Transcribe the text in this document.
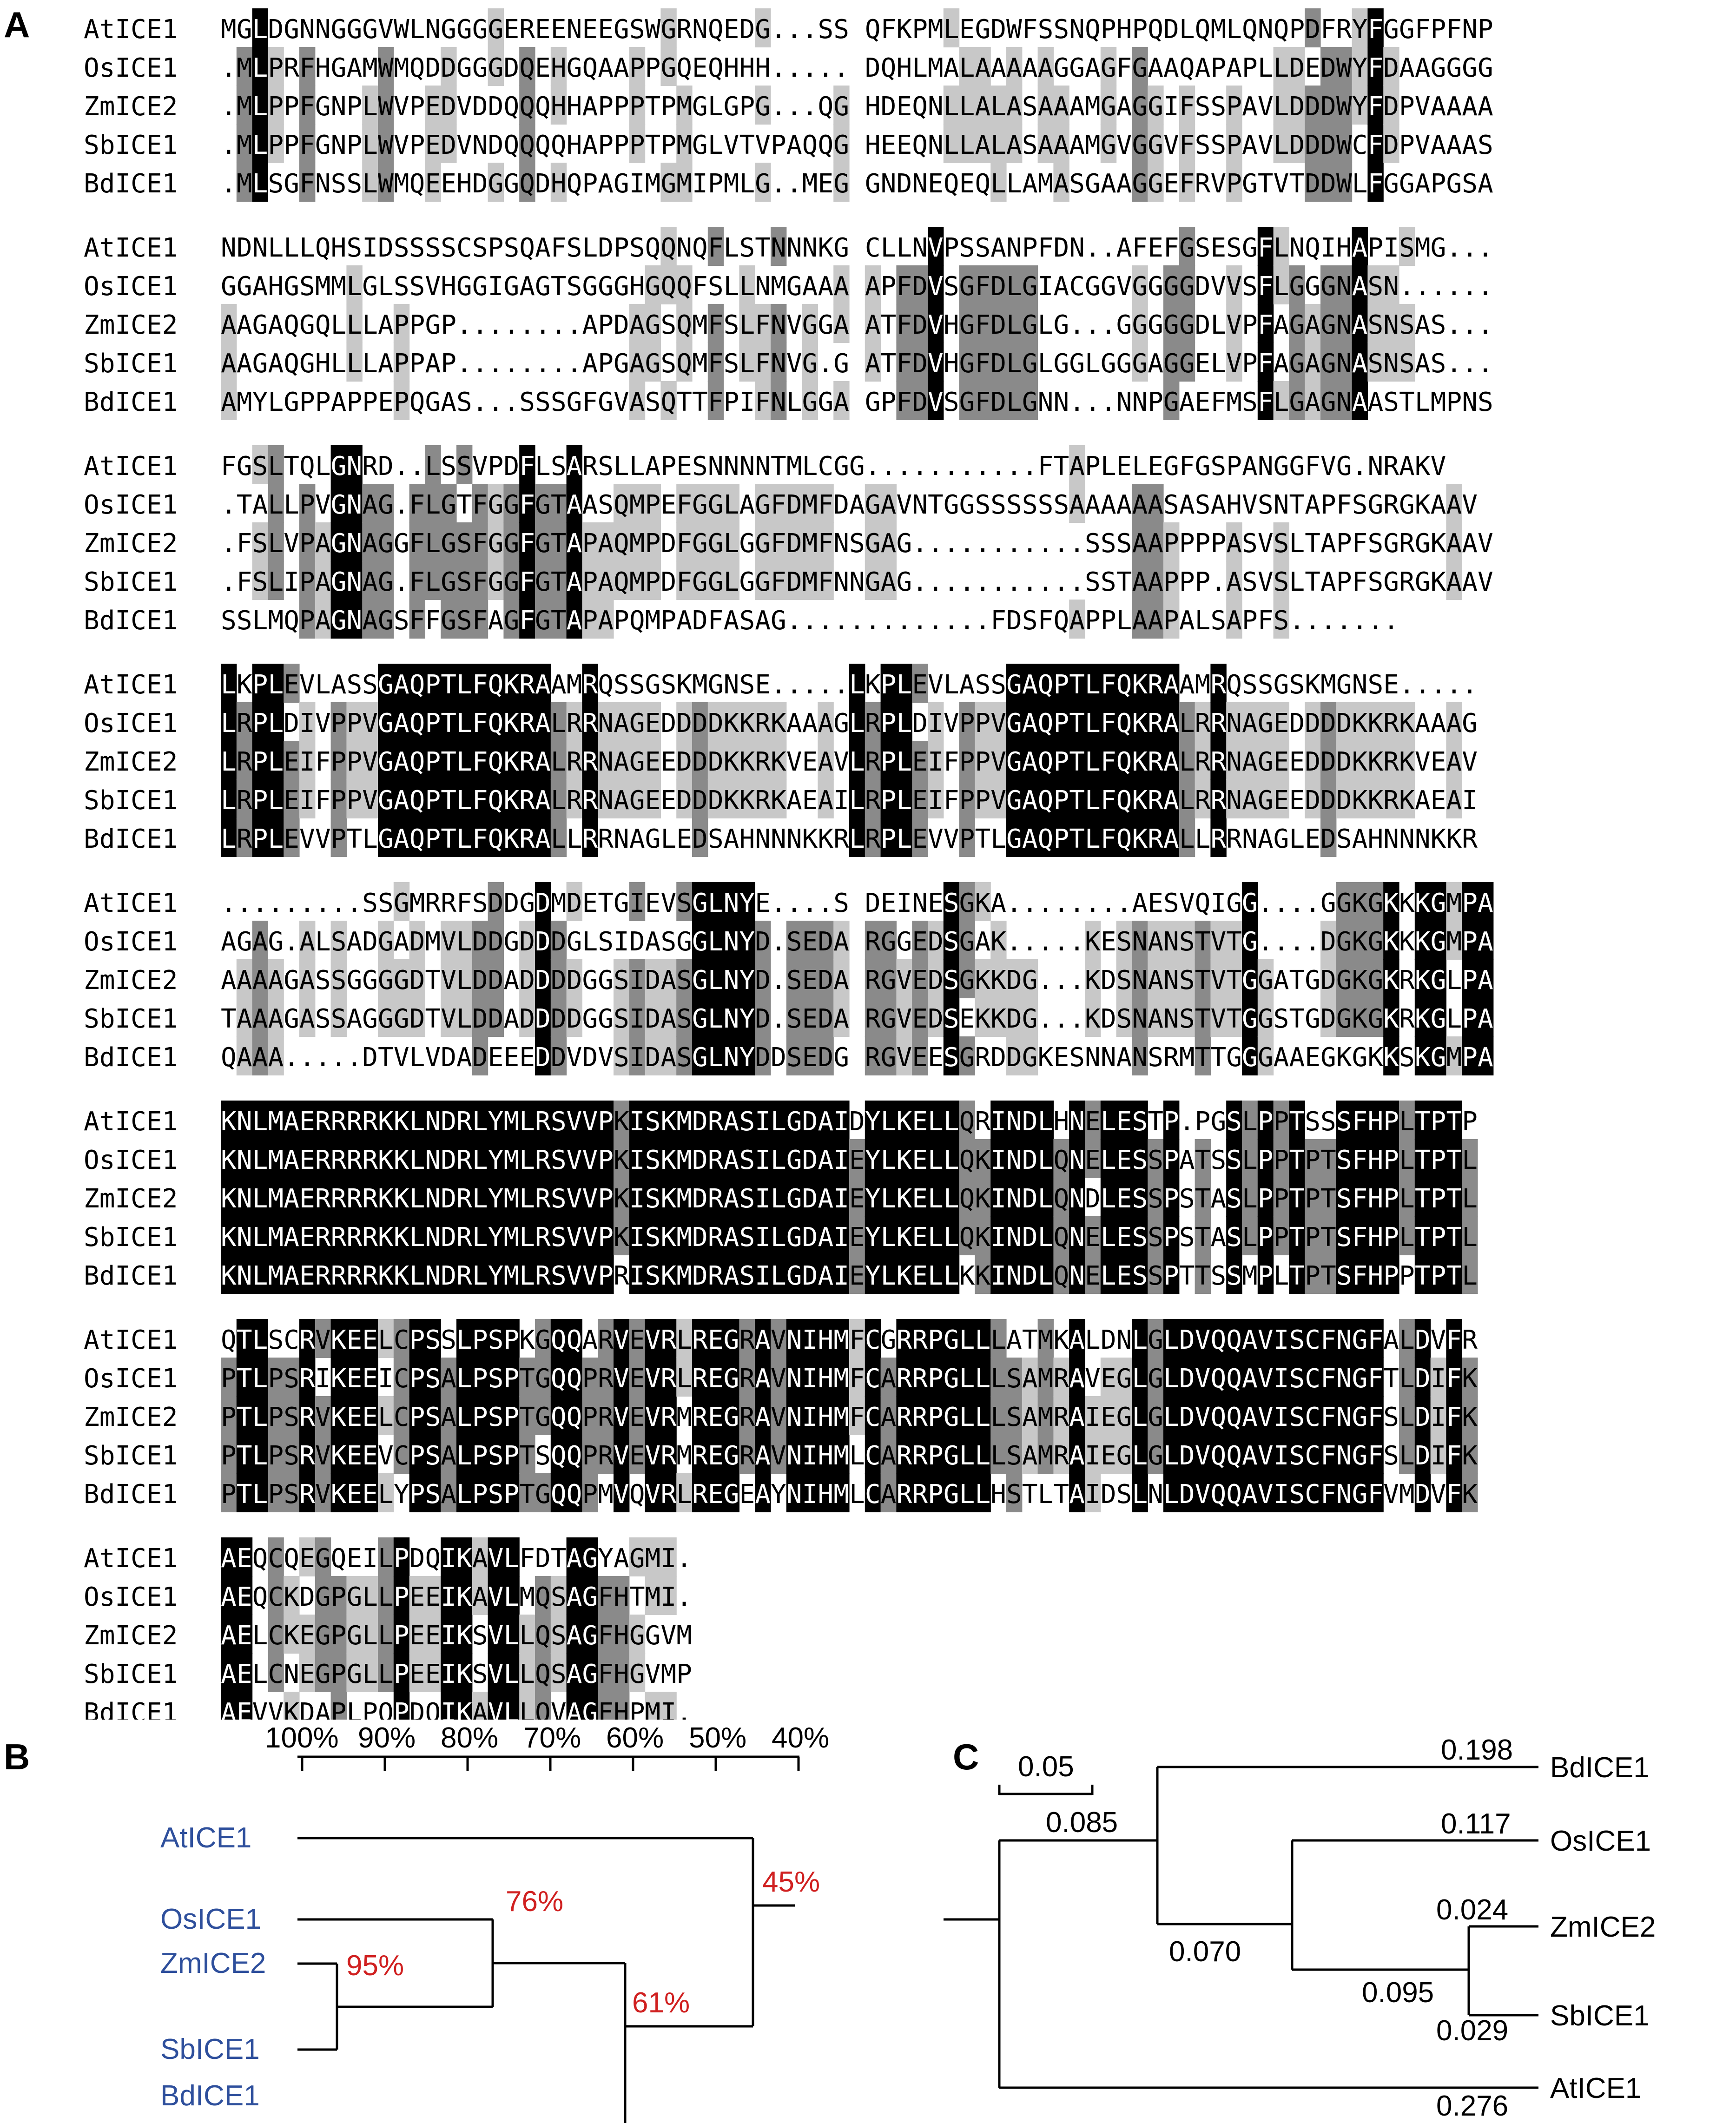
A	M
.
.
.
.
G
M
M
M
M
L
L
L
L
L
D
P
P
P
S
G
R
P
P
G
N
F
F
F
F
N
H
G
G
N
G
G
N
N
S
G
A
P
P
S
G
M
L
L
L
V
W
W
W
W
W
M
V
V
M
L
Q
P
P
Q
N
D
E
E
E
G
D
D
D
E
G
G
V
V
H
G
G
D
N
D
G
G
D
D
G
E
D
Q
Q
G
R
Q
Q
Q
Q
E
E
Q
Q
D
E
H
H
Q
H
N
G
H
H
Q
E
Q
A
A
P
E
A
P
P
A
G
A
P
P
G
S
P
P
P
I
W
P
T
T
M
G
G
P
P
G
R
Q
M
M
M
N
E
G
G
I
Q
Q
L
L
P
E
H
G
V
M
D
H
P
T
L
G
H
G
V
G
P
.
.
.
.
A
.
.
.
.
Q
M
.
.
.
S
Q
Q
E
.
S
G
G
G
.
Q
D
H
H
G
F
Q
D
E
N
K
H
E
E
D
P
L
Q
Q
N
M
M
N
N
E
L
A
L
L
Q
E
L
L
L
E
G
A
A
A
Q
D
A
L
L
L
W
A
A
A
L
F
A
S
S
A
S
A
A
A
M
S
G
A
A
A
N
G
A
A
S
Q
A
M
M
G
P
G
G
G
A
H
F
A
V
A
P
G
G
G
G
Q
A
G
G
G
D
A
I
V
E
L
Q
F
F
F
Q
A
S
S
R
M
P
S
S
V
L
A
P
P
P
Q
P
A
A
G
N
L
V
V
T
Q
L
L
L
V
P
D
D
D
T
D
E
D
D
D
F
D
D
D
D
R
W
W
W
W
Y
Y
Y
C
L
F
F
F
F
F
G
D
D
D
G
G
A
P
P
G
F
A
V
V
A
P
G
A
A
P
F
G
A
A
G
N
G
A
A
S
P
G
A
S
A
AtICE1
OsICE1
ZmICE2
SbICE1
BdICE1
N
G
A
A
A
D
G
A
A
M
N
A
G
G
Y
L
H
A
A
L
L
G
Q
Q
G
L
S
G
G
P
Q
M
Q
H
P
H
M
L
L
A
S
L
L
L
P
I
G
L
L
P
D
L
A
A
E
S
S
P
P
P
S
S
P
P
Q
S
V
G
A
G
S
H
P
P
A
C
G
S
.
.
S
G
.
.
.
P
I
.
.
.
S
G
.
.
.
Q
A
S
.
.
A
G
S
.
.
F
T
S
.
.
S
S
G
.
.
L
G
A
A
F
D
G
P
P
G
P
G
D
G
V
S
H
A
A
A
Q
G
G
G
S
Q
Q
S
S
Q
N
Q
Q
Q
T
Q
F
M
M
T
F
S
F
F
F
L
L
S
S
P
S
L
L
L
I
T
N
F
F
F
N
M
N
N
N
N
G
V
V
L
N
A
G
G
G
K
A
G
G
.
G
A
A
G
A
C
A
A
A
G
L
P
T
T
P
L
F
F
F
F
N
D
D
D
D
V
V
V
V
V
P
S
H
H
S
S
G
G
G
G
S
F
F
F
F
A
D
D
D
D
N
L
L
L
L
P
G
G
G
G
F
I
L
L
N
D
A
G
G
N
N
C
G
.
.
G
L
.
.
.
G
G
.
.
.
A
V
G
G
N
F
G
G
G
N
E
G
G
A
P
F
G
G
G
G
G
G
G
G
A
S
D
D
E
E
E
V
L
L
F
S
V
V
V
M
G
S
P
P
S
F
F
F
F
F
L
L
A
A
L
N
G
G
G
G
Q
G
A
A
A
I
G
G
G
G
H
N
N
N
N
A
A
A
A
A
P
S
S
S
A
I
N
N
N
S
S
S
S
T
.
M
A
A
L
.
G
S
S
M
.
P
.
.
.
.
N
.
.
.
.
S
.
.
.
.
AtICE1
OsICE1
ZmICE2
SbICE1
BdICE1
F
S
.
.
.
G
T
F
F
S
S
A
S
S
L
L
L
L
L
M
T
L
V
I
Q
Q
P
P
P
P
L
V
A
A
A
G
G
G
G
G
N
N
N
N
N
R
A
A
A
A
D
G
G
G
G
G
S
.
.
.
F
F
F
F
. L
L
L
L
F
S
G
G
G
G
S
T
S
S
S
V
F
F
F
F
P
G
G
G
A
D
G
G
G
G
F
F
F
F
F
L
G
G
G
G
S
T
T
T
T
A
A
A
A
A
R
A
P
P
P
S
S
A
A
A
L
Q
Q
Q
P
L
M
M
M
Q
A
P
P
P
M
P
E
D
D
P
E
F
F
F
A
S
G
G
G
D
N
G
G
G
F
N
L
L
L
A
N
A
G
G
S
N
G
G
G
A
T
F
F
F
G
M
D
D
D
.
L
M
M
M
.
C
F
F
F
.
G
D
N
N
.
G
A
S
N
.
G
G
G
.
.
A
A
A
.
.
V
G
G
.
.
N
.
.
.
.
T
.
.
.
.
G
.
.
.
.
G
.
.
.
.
S
.
.
.
.
S
F
.
.
.
S
D
.
.
.
S
S
.
.
.
F
S
F
.
.
T
S
Q
.
.
A
A
A
.
.
P
A
S
S
P
L
A
S
S
P
E
A
S
T
L
L
A
A
A
A
E
A
A
A
A
G
S
P
P
P
F
A
P
P
A
G
S
P
P
L
S
A
P
S
.
P
H
A
A
A
A
V
S
S
P
N
S
V
V
F
G
N
S
S
S
G
T
L
L
.
F
A
T
T
.
V
P
A
A
.
G
F
P
P
.
S
F
F
.
.
N
G
S
S
.
R
R
G
G
.
A
G
R
R
K
K
G
G
V
A
K
K
A
A
A
V
A
A
V
V
AtICE1
OsICE1
ZmICE2
SbICE1
BdICE1
L
L
L
L
L
K
R
R
R
R
P
P
P
P
P
L
L
L
L
L
E
D
E
E
E
V
I
I
I
V
L
V
F
F
V
A
P
P
P
P
S
P
P
P
T
S
V
V
V
L
G
G
G
G
G
A
A
A
A
A
Q
Q
Q
Q
Q
P
P
P
P
P
T
T
T
T
T
L
L
L
L
L
F
F
F
F
F
Q
Q
Q
Q
Q
K
K
K
K
K
R
R
R
R
R
A
A
A
A
A
A
L
L
L
L
M
R
R
R
L
R
R
R
R
R
Q
N
N
N
R
S
A
A
A
N
S
G
G
G
A
G
E
E
E
G
S
D
E
E
L
K
D
D
D
E
M
D
D
D
D
G
D
D
D
S
N
K
K
K
A
S
K
K
K
H
E
R
R
R
N
K
K
K
N
.
A
V
A
N
.
A
E
E
K
.
A
A
A
K
.
G
V
I
R
. L
L
L
L
L
K
R
R
R
R
P
P
P
P
P
L
L
L
L
L
E
D
E
E
E
V
I
I
I
V
L
V
F
F
V
A
P
P
P
P
S
P
P
P
T
S
V
V
V
L
G
G
G
G
G
A
A
A
A
A
Q
Q
Q
Q
Q
P
P
P
P
P
T
T
T
T
T
L
L
L
L
L
F
F
F
F
F
Q
Q
Q
Q
Q
K
K
K
K
K
R
R
R
R
R
A
A
A
A
A
A
L
L
L
L
M
R
R
R
L
R
R
R
R
R
Q
N
N
N
R
S
A
A
A
N
S
G
G
G
A
G
E
E
E
G
S
D
E
E
L
K
D
D
D
E
M
D
D
D
D
G
D
D
D
S
N
K
K
K
A
S
K
K
K
H
E
R
R
R
N
K
K
K
N
.
A
V
A
N
.
A
E
E
K
.
A
A
A
K
.
G
V
I
R
.
AtICE1
OsICE1
ZmICE2
SbICE1
BdICE1
A
A
T
Q
.
G
A
A
A
.
A
A
A
A
.
G
A
A
A
.
G
G
.
.
.
A
A
A
.
.
L
S
S
.
.
S
S
S
.
.
A
G
A
.
.
S
D
G
G
D
S
G
G
G
T
G
A
G
G
V
M
D
D
D
L
R
M
T
T
V
R
V
V
V
D
F
L
L
L
A
S
D
D
D
D
D
D
D
D
E
D
G
A
A
E
G
D
D
D
E
D
D
D
D
D
M
D
D
D
D
D
G
D
D
V
E
L
G
G
D
T
S
G
G
V
G
I
S
S
S
I
D
I
I
I
E
A
D
D
D
V
S
A
A
A
S
G
S
S
S
G
G
G
G
G
L
L
L
L
L
N
N
N
N
N
Y
Y
Y
Y
Y
E
D
D
D
D D
.
.
.
.
S
S
S
S
.
E
E
E
E
.
D
D
D
D
. S
A
A
A
G
D
R
R
R
R
E
G
G
G
G
I
G
V
V
V
N
E
E
E
E
E
D
D
D
E
S
S
S
S
S
G
G
G
E
G
K
A
K
K
R
A
K
K
K
D
D
D
D
.
.
G
G
G
.
.
K
.
.
.
.
E
.
.
.
.
S
.
.
.
.
K
K
K
N
.
E
D
D
N
.
S
S
S
A
. A
N
N
N
N
E
A
A
A
S
S
N
N
N
R
V
S
S
S
M
Q
T
T
T
T
I
V
V
V
T
G
T
T
T
G
G
G
G
G
G
G
G
G
.
.
A
S
A
.
.
T
T
A
.
.
G
G
E
.
.
G
D
D
D
G
G
G
G
G
K
K
K
K
K
G
G
G
G
G
K
K
K
K
K
K
K
K
R
R
S
K
K
K
K
K
G
G
G
G
G
M
M
L
L
M
P
P
P
P
P
A
A
A
A
A
AtICE1
OsICE1
ZmICE2
SbICE1
BdICE1
K
K
K
K
K
N
N
N
N
N
L
L
L
L
L
M
M
M
M
M
A
A
A
A
A
E
E
E
E
E
R
R
R
R
R
R
R
R
R
R
R
R
R
R
R
R
R
R
R
R
K
K
K
K
K
K
K
K
K
K
L
L
L
L
L
N
N
N
N
N
D
D
D
D
D
R
R
R
R
R
L
L
L
L
L
Y
Y
Y
Y
Y
M
M
M
M
M
L
L
L
L
L
R
R
R
R
R
S
S
S
S
S
V
V
V
V
V
V
V
V
V
V
P
P
P
P
P
K
K
K
K
R
I
I
I
I
I
S
S
S
S
S
K
K
K
K
K
M
M
M
M
M
D
D
D
D
D
R
R
R
R
R
A
A
A
A
A
S
S
S
S
S
I
I
I
I
I
L
L
L
L
L
G
G
G
G
G
D
D
D
D
D
A
A
A
A
A
I
I
I
I
I
D
E
E
E
E
Y
Y
Y
Y
Y
L
L
L
L
L
K
K
K
K
K
E
E
E
E
E
L
L
L
L
L
L
L
L
L
L
Q
Q
Q
Q
K
R
K
K
K
K
I
I
I
I
I
N
N
N
N
N
D
D
D
D
D
L
L
L
L
L
H
Q
Q
Q
Q
N
N
N
N
N
E
E
D
E
E
L
L
L
L
L
E
E
E
E
E
S
S
S
S
S
T
S
S
S
S
P
P
P
P
P
A
S
S
T
. P
T
T
T
T
G
S
A
A
S
S
S
S
S
S
L
L
L
L
M
P
P
P
P
P
P
P
P
P
L
T
T
T
T
T
S
P
P
P
P
S
T
T
T
T
S
S
S
S
S
F
F
F
F
F
H
H
H
H
H
P
P
P
P
P
L
L
L
L
P
T
T
T
T
T
P
P
P
P
P
T
T
T
T
T
P
L
L
L
L
AtICE1
OsICE1
ZmICE2
SbICE1
BdICE1
Q
P
P
P
P
T
T
T
T
T
L
L
L
L
L
S
P
P
P
P
C
S
S
S
S
R
R
R
R
R
V
I
V
V
V
K
K
K
K
K
E
E
E
E
E
E
E
E
E
E
L
I
L
V
L
C
C
C
C
Y
P
P
P
P
P
S
S
S
S
S
S
A
A
A
A
L
L
L
L
L
P
P
P
P
P
S
S
S
S
S
P
P
P
P
P
K
T
T
T
T
G
G
G
S
G
Q
Q
Q
Q
Q
Q
Q
Q
Q
Q
A
P
P
P
P
R
R
R
R
M
V
V
V
V
V
E
E
E
E
Q
V
V
V
V
V
R
R
R
R
R
L
L
M
M
L
R
R
R
R
R
E
E
E
E
E
G
G
G
G
G
R
R
R
R
E
A
A
A
A
A
V
V
V
V
Y
N
N
N
N
N
I
I
I
I
I
H
H
H
H
H
M
M
M
M
M
F
F
F
L
L
C
C
C
C
C
G
A
A
A
A
R
R
R
R
R
R
R
R
R
R
P
P
P
P
P
G
G
G
G
G
L
L
L
L
L
L
L
L
L
L
L
L
L
L
H
A
S
S
S
S
T
A
A
A
T
M
M
M
M
L
K
R
R
R
T
A
A
A
A
A
L
V
I
I
I
D
E
E
E
D
N
G
G
G
S
L
L
L
L
L
G
G
G
G
N
L
L
L
L
L
D
D
D
D
D
V
V
V
V
V
Q
Q
Q
Q
Q
Q
Q
Q
Q
Q
A
A
A
A
A
V
V
V
V
V
I
I
I
I
I
S
S
S
S
S
C
C
C
C
C
F
F
F
F
F
N
N
N
N
N
G
G
G
G
G
F
F
F
F
F
A
T
S
S
V
L
L
L
L
M
D
D
D
D
D
V
I
I
I
V
F
F
F
F
F
R
K
K
K
K
AtICE1
OsICE1
ZmICE2
SbICE1
BdICE1
A
A
A
A
A
E
E
E
E
E
Q
Q
L
L
V
C
C
C
C
V
Q
K
K
N
K
E
D
E
E
D
G
G
G
G
A
Q
P
P
P
P
E
G
G
G
L
I
L
L
L
P
L
L
L
L
Q
P
P
P
P
P
D
E
E
E
D
Q
E
E
E
Q
I
I
I
I
I
K
K
K
K
K
A
A
S
S
A
V
V
V
V
V
L
L
L
L
L
F
M
L
L
L
D
Q
Q
Q
Q
T
S
S
S
V
A
A
A
A
A
G
G
G
G
G
Y
F
F
F
F
A
H
H
H
H
G
T
G
G
P
M
M
G
V
M
I
I
V
M
I
M
P
.
.
.
AtICE1
OsICE1
ZmICE2
SbICE1
BdICE1
B	100% 90% 80% 70% 60% 50% 40%
AtICE1
OsICE1
ZmICE2
SbICE1
BdICE1
95%
76%
61%
45%
C 0.05
0.198
0.117
0.024
0.029
0.276
0.085
0.070
0.095
BdICE1
OsICE1
ZmICE2
SbICE1
AtICE1
